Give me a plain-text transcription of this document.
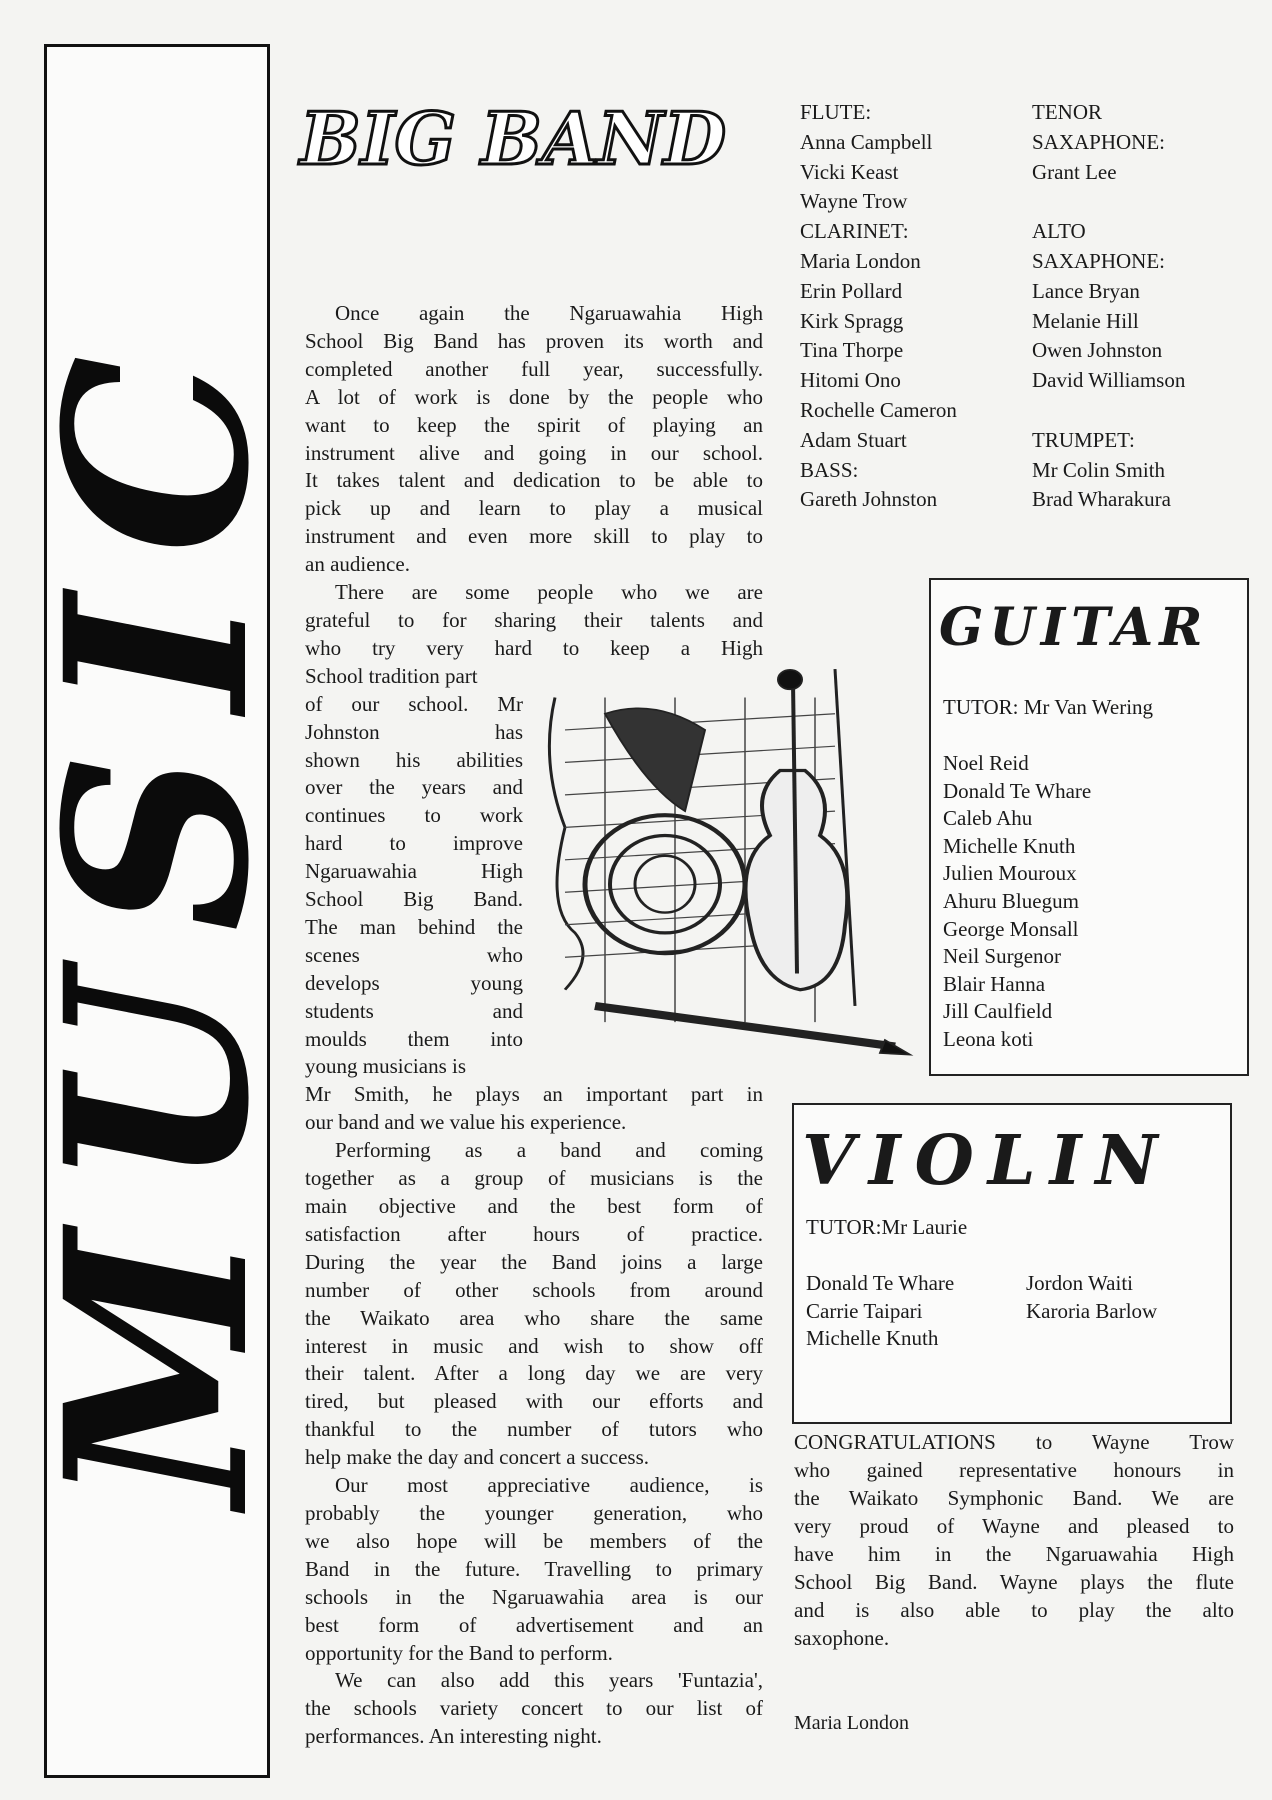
MUSIC
BIG BAND
Once again the Ngaruawahia High
School Big Band has proven its worth and
completed another full year, successfully.
A lot of work is done by the people who
want to keep the spirit of playing an
instrument alive and going in our school.
It takes talent and dedication to be able to
pick up and learn to play a musical
instrument and even more skill to play to
an audience.
There are some people who we are
grateful to for sharing their talents and
who try very hard to keep a High
School tradition part
of our school. Mr
Johnston has
shown his abilities
over the years and
continues to work
hard to improve
Ngaruawahia High
School Big Band.
The man behind the
scenes who
develops young
students and
moulds them into
young musicians is
Mr Smith, he plays an important part in
our band and we value his experience.
Performing as a band and coming
together as a group of musicians is the
main objective and the best form of
satisfaction after hours of practice.
During the year the Band joins a large
number of other schools from around
the Waikato area who share the same
interest in music and wish to show off
their talent. After a long day we are very
tired, but pleased with our efforts and
thankful to the number of tutors who
help make the day and concert a success.
Our most appreciative audience, is
probably the younger generation, who
we also hope will be members of the
Band in the future. Travelling to primary
schools in the Ngaruawahia area is our
best form of advertisement and an
opportunity for the Band to perform.
We can also add this years 'Funtazia',
the schools variety concert to our list of
performances. An interesting night.
FLUTE:
Anna Campbell
Vicki Keast
Wayne Trow
CLARINET:
Maria London
Erin Pollard
Kirk Spragg
Tina Thorpe
Hitomi Ono
Rochelle Cameron
Adam Stuart
BASS:
Gareth Johnston
TENOR
SAXAPHONE:
Grant Lee
ALTO
SAXAPHONE:
Lance Bryan
Melanie Hill
Owen Johnston
David Williamson
TRUMPET:
Mr Colin Smith
Brad Wharakura
GUITAR
TUTOR: Mr Van Wering
Noel Reid
Donald Te Whare
Caleb Ahu
Michelle Knuth
Julien Mouroux
Ahuru Bluegum
George Monsall
Neil Surgenor
Blair Hanna
Jill Caulfield
Leona koti
VIOLIN
TUTOR:Mr Laurie
Donald Te Whare
Carrie Taipari
Michelle Knuth
Jordon Waiti
Karoria Barlow
CONGRATULATIONS to Wayne Trow
who gained representative honours in
the Waikato Symphonic Band. We are
very proud of Wayne and pleased to
have him in the Ngaruawahia High
School Big Band. Wayne plays the flute
and is also able to play the alto
saxophone.
Maria London
